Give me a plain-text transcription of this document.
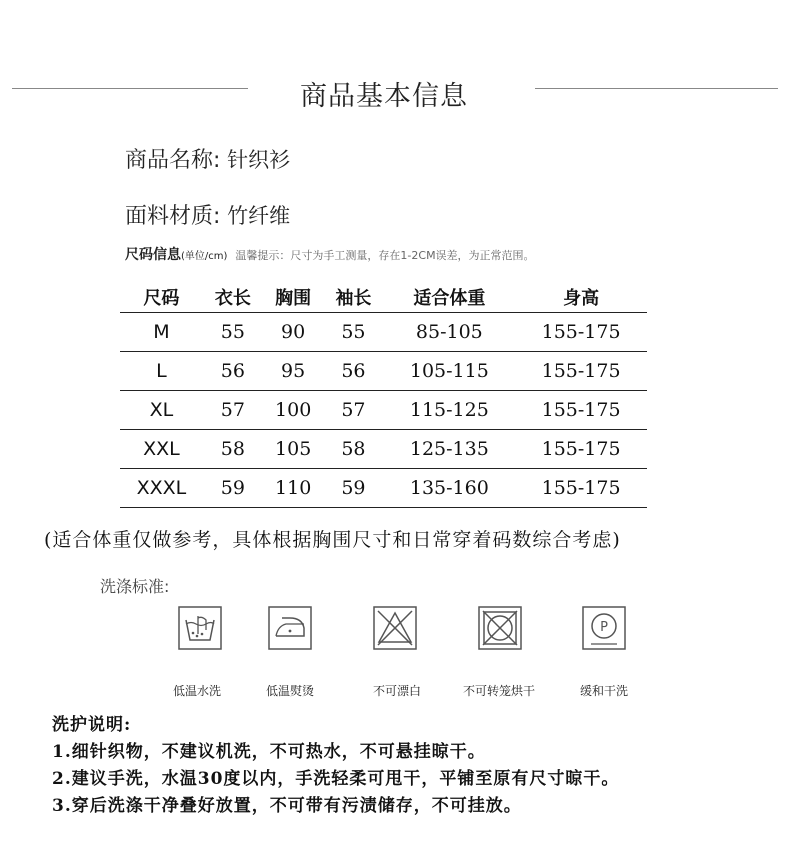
商品基本信息
商品名称: 针织衫
面料材质: 竹纤维
尺码信息(单位/cm) 温馨提示：尺寸为手工测量，存在1-2CM误差，为正常范围。
尺码	衣长	胸围	袖长	适合体重	身高
M	55	90	55	85-105	155-175
L	56	95	56	105-115	155-175
XL	57	100	57	115-125	155-175
XXL	58	105	58	125-135	155-175
XXXL	59	110	59	135-160	155-175
(适合体重仅做参考，具体根据胸围尺寸和日常穿着码数综合考虑)
洗涤标准:
低温水洗	低温熨烫	不可漂白	不可转笼烘干
P
缓和干洗
洗护说明:
1.细针织物，不建议机洗，不可热水，不可悬挂晾干。
2.建议手洗，水温30度以内，手洗轻柔可甩干，平铺至原有尺寸晾干。
3.穿后洗涤干净叠好放置，不可带有污渍储存，不可挂放。
